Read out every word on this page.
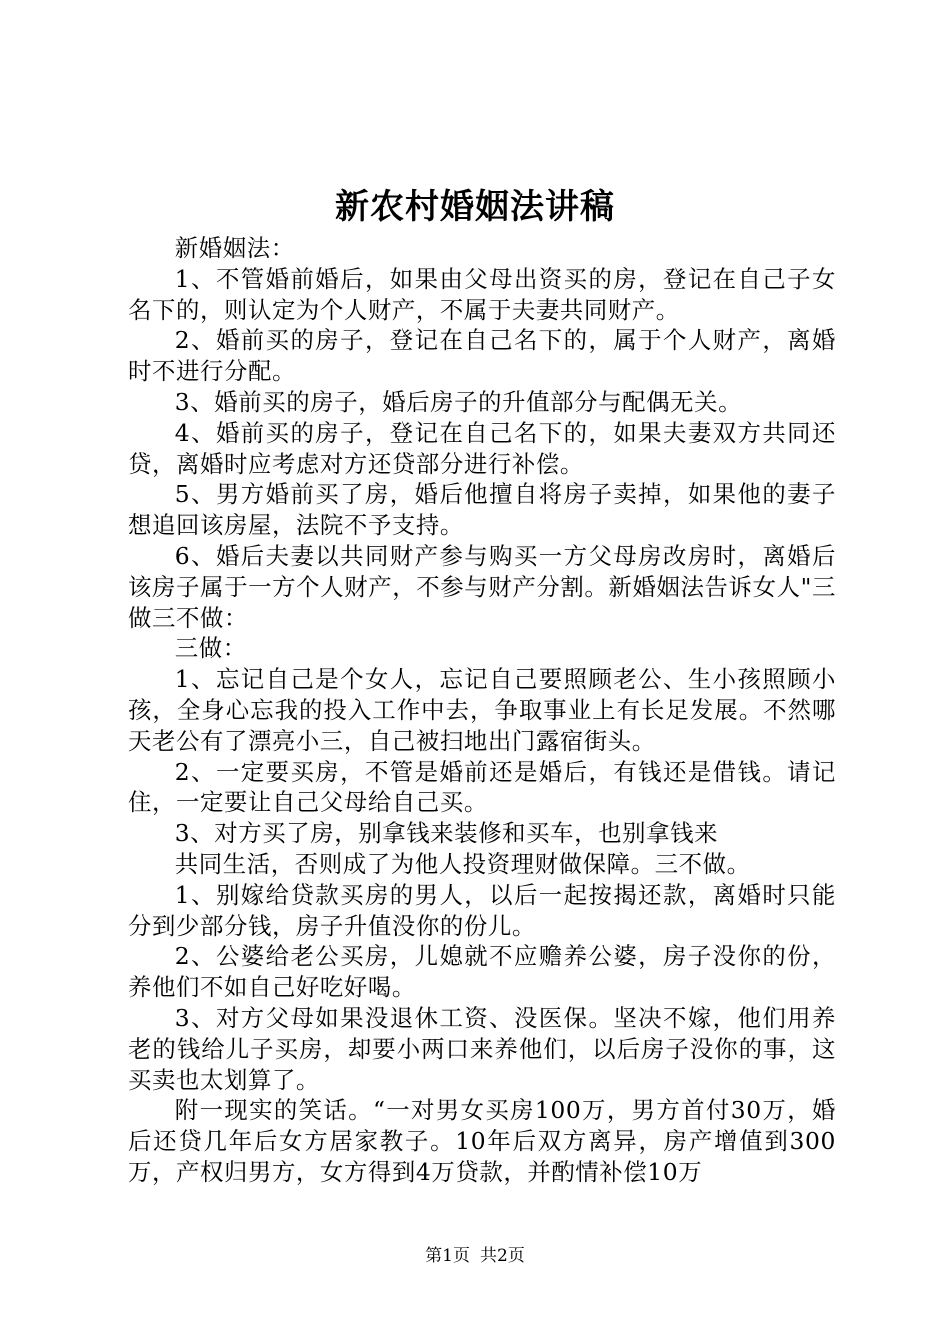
新农村婚姻法讲稿

新婚姻法：

1、不管婚前婚后，如果由父母出资买的房，登记在自己子女名下的，则认定为个人财产，不属于夫妻共同财产。

2、婚前买的房子，登记在自己名下的，属于个人财产，离婚时不进行分配。

3、婚前买的房子，婚后房子的升值部分与配偶无关。

4、婚前买的房子，登记在自己名下的，如果夫妻双方共同还贷，离婚时应考虑对方还贷部分进行补偿。

5、男方婚前买了房，婚后他擅自将房子卖掉，如果他的妻子想追回该房屋，法院不予支持。

6、婚后夫妻以共同财产参与购买一方父母房改房时，离婚后该房子属于一方个人财产，不参与财产分割。新婚姻法告诉女人"三做三不做：

三做：

1、忘记自己是个女人，忘记自己要照顾老公、生小孩照顾小孩，全身心忘我的投入工作中去，争取事业上有长足发展。不然哪天老公有了漂亮小三，自己被扫地出门露宿街头。

2、一定要买房，不管是婚前还是婚后，有钱还是借钱。请记住，一定要让自己父母给自己买。

3、对方买了房，别拿钱来装修和买车，也别拿钱来

共同生活，否则成了为他人投资理财做保障。三不做。

1、别嫁给贷款买房的男人，以后一起按揭还款，离婚时只能分到少部分钱，房子升值没你的份儿。

2、公婆给老公买房，儿媳就不应赡养公婆，房子没你的份，养他们不如自己好吃好喝。

3、对方父母如果没退休工资、没医保。坚决不嫁，他们用养老的钱给儿子买房，却要小两口来养他们，以后房子没你的事，这买卖也太划算了。

附一现实的笑话。“一对男女买房100万，男方首付30万，婚后还贷几年后女方居家教子。10年后双方离异，房产增值到300万，产权归男方，女方得到4万贷款，并酌情补偿10万

第1页 共2页
